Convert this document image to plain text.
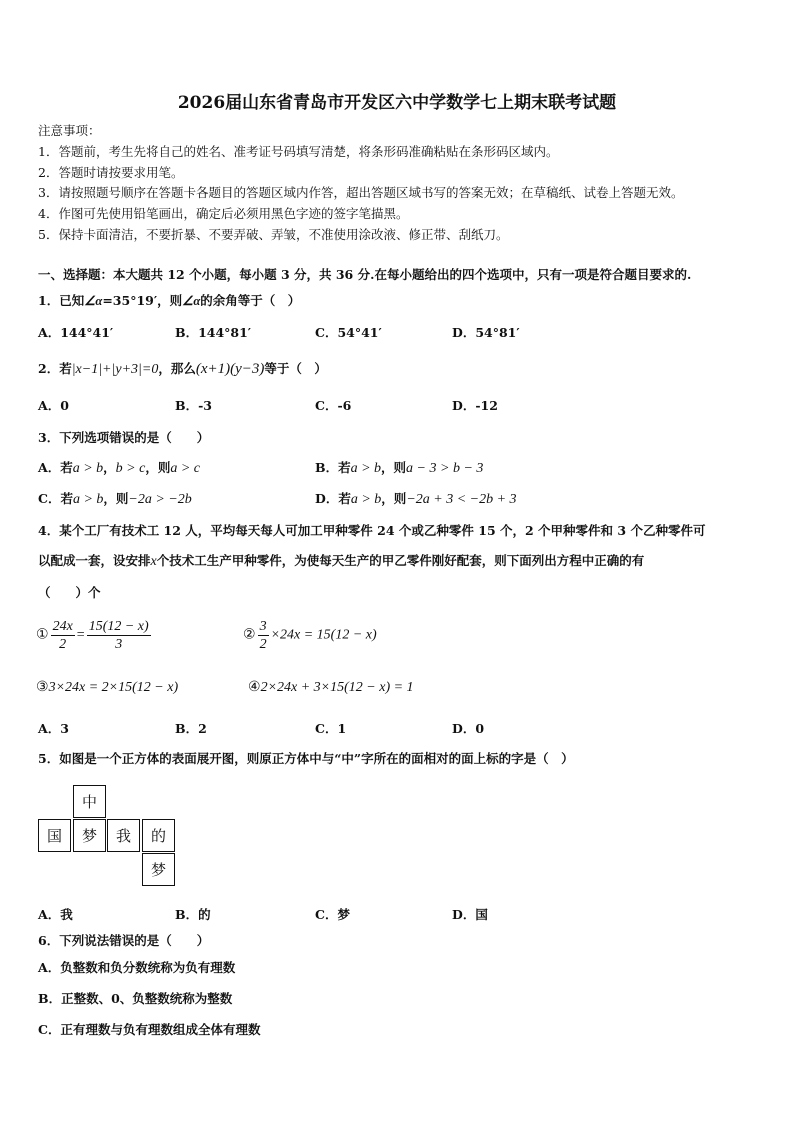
2026届山东省青岛市开发区六中学数学七上期末联考试题
注意事项：
1．答题前，考生先将自己的姓名、准考证号码填写清楚，将条形码准确粘贴在条形码区域内。
2．答题时请按要求用笔。
3．请按照题号顺序在答题卡各题目的答题区域内作答，超出答题区域书写的答案无效；在草稿纸、试卷上答题无效。
4．作图可先使用铅笔画出，确定后必须用黑色字迹的签字笔描黑。
5．保持卡面清洁，不要折暴、不要弄破、弄皱，不准使用涂改液、修正带、刮纸刀。
一、选择题：本大题共 12 个小题，每小题 3 分，共 36 分.在每小题给出的四个选项中，只有一项是符合题目要求的.
1．已知∠α=35°19′，则∠α的余角等于（　）
A．144°41′	B．144°81′	C．54°41′	D．54°81′
2．若|x−1|+|y+3|=0，那么(x+1)(y−3)等于（　）
A．0	B．-3	C．-6	D．-12
3．下列选项错误的是（　　）
A．若a > b，b > c，则a > c	B．若a > b，则a − 3 > b − 3
C．若a > b，则−2a > −2b	D．若a > b，则−2a + 3 < −2b + 3
4．某个工厂有技术工 12 人，平均每天每人可加工甲种零件 24 个或乙种零件 15 个，2 个甲种零件和 3 个乙种零件可
以配成一套，设安排x个技术工生产甲种零件，为使每天生产的甲乙零件刚好配套，则下面列出方程中正确的有
（　　）个
① $\frac{24x}{2} = \frac{15(12 - x)}{3}$	② $\frac{3}{2} \times 24x = 15(12 - x)$
③3×24x = 2×15(12 − x)	④2×24x + 3×15(12 − x) = 1
A．3	B．2	C．1	D．0
5．如图是一个正方体的表面展开图，则原正方体中与“中”字所在的面相对的面上标的字是（　）
中
国	梦	我	的
梦
A．我	B．的	C．梦	D．国
6．下列说法错误的是（　　）
A．负整数和负分数统称为负有理数
B．正整数、0、负整数统称为整数
C．正有理数与负有理数组成全体有理数
